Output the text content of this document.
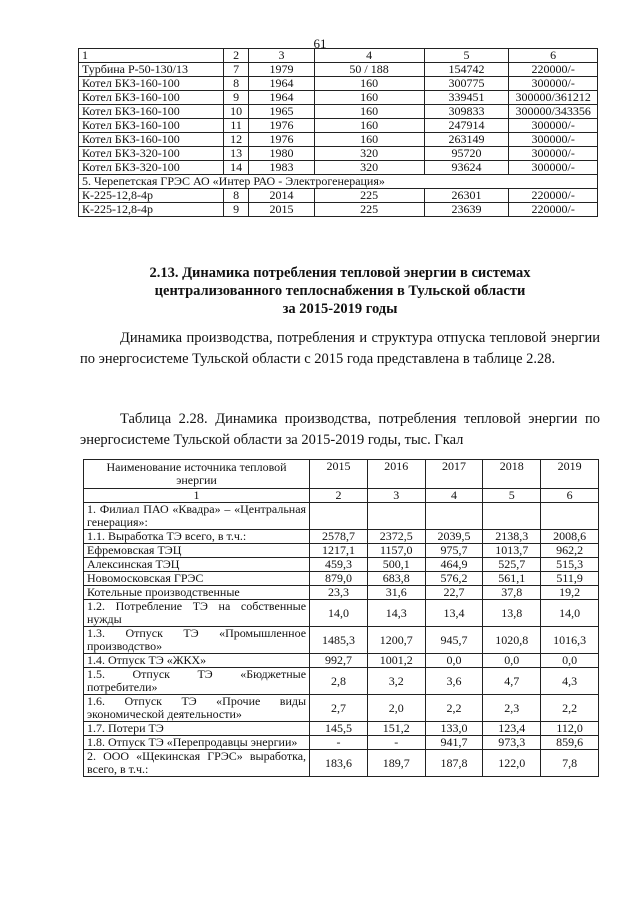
61
1	2	3	4	5	6
Турбина Р-50-130/13	7	1979	50 / 188	154742	220000/-
Котел БКЗ-160-100	8	1964	160	300775	300000/-
Котел БКЗ-160-100	9	1964	160	339451	300000/361212
Котел БКЗ-160-100	10	1965	160	309833	300000/343356
Котел БКЗ-160-100	11	1976	160	247914	300000/-
Котел БКЗ-160-100	12	1976	160	263149	300000/-
Котел БКЗ-320-100	13	1980	320	95720	300000/-
Котел БКЗ-320-100	14	1983	320	93624	300000/-
5. Черепетская ГРЭС АО «Интер РАО - Электрогенерация»					
К-225-12,8-4р	8	2014	225	26301	220000/-
К-225-12,8-4р	9	2015	225	23639	220000/-
2.13. Динамика потребления тепловой энергии в системах
централизованного теплоснабжения в Тульской области
за 2015-2019 годы
Динамика производства, потребления и структура отпуска тепловой энергии по энергосистеме Тульской области с 2015 года представлена в таблице 2.28.
Таблица 2.28. Динамика производства, потребления тепловой энергии по энергосистеме Тульской области за 2015-2019 годы, тыс. Гкал
Наименование источника тепловой энергии	2015	2016	2017	2018	2019
1	2	3	4	5	6
1. Филиал ПАО «Квадра» – «Центральная генерация»:					
1.1. Выработка ТЭ всего, в т.ч.:	2578,7	2372,5	2039,5	2138,3	2008,6
Ефремовская ТЭЦ	1217,1	1157,0	975,7	1013,7	962,2
Алексинская ТЭЦ	459,3	500,1	464,9	525,7	515,3
Новомосковская ГРЭС	879,0	683,8	576,2	561,1	511,9
Котельные производственные	23,3	31,6	22,7	37,8	19,2
1.2. Потребление ТЭ на собственные нужды	14,0	14,3	13,4	13,8	14,0
1.3. Отпуск ТЭ «Промышленное производство»	1485,3	1200,7	945,7	1020,8	1016,3
1.4. Отпуск ТЭ «ЖКХ»	992,7	1001,2	0,0	0,0	0,0
1.5. Отпуск ТЭ «Бюджетные потребители»	2,8	3,2	3,6	4,7	4,3
1.6. Отпуск ТЭ «Прочие виды экономической деятельности»	2,7	2,0	2,2	2,3	2,2
1.7. Потери ТЭ	145,5	151,2	133,0	123,4	112,0
1.8. Отпуск ТЭ «Перепродавцы энергии»	-	-	941,7	973,3	859,6
2. ООО «Щекинская ГРЭС» выработка, всего, в т.ч.:	183,6	189,7	187,8	122,0	7,8
